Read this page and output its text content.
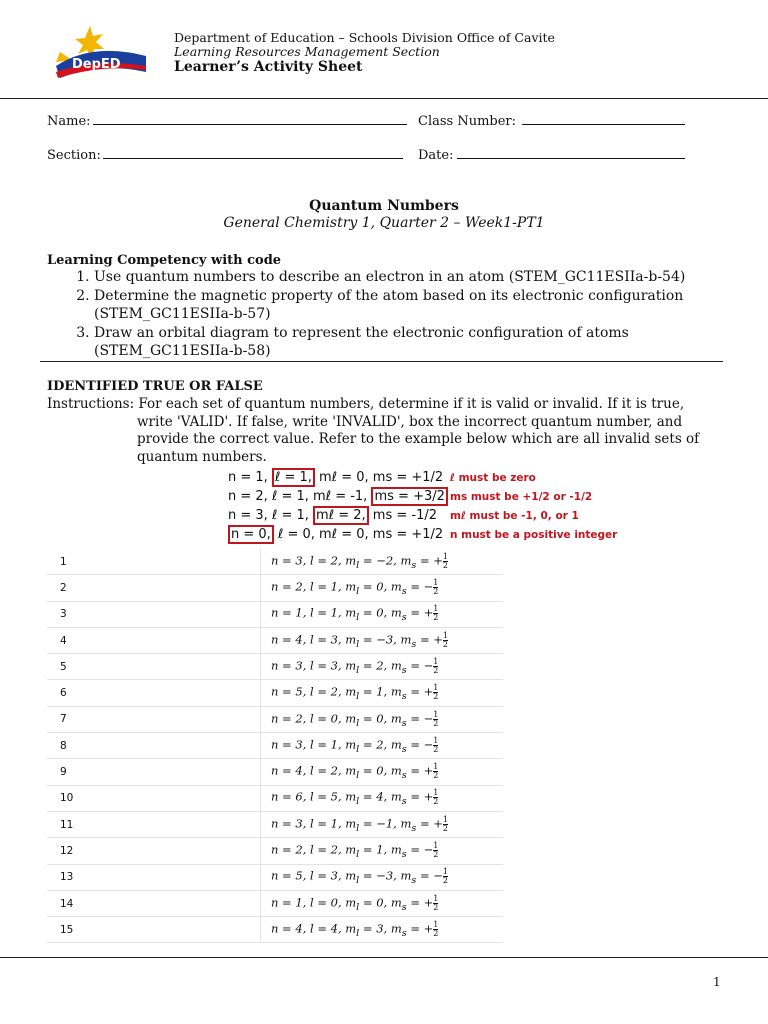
DepED
CAVITE
Department of Education – Schools Division Office of Cavite
Learning Resources Management Section
Learner’s Activity Sheet
Name:	Class Number:
Section:	Date:
Quantum Numbers
General Chemistry 1, Quarter 2 – Week1-PT1
Learning Competency with code
1. Use quantum numbers to describe an electron in an atom (STEM_GC11ESIIa-b-54)
2. Determine the magnetic property of the atom based on its electronic configuration (STEM_GC11ESIIa-b-57)
3. Draw an orbital diagram to represent the electronic configuration of atoms (STEM_GC11ESIIa-b-58)
IDENTIFIED TRUE OR FALSE
Instructions: For each set of quantum numbers, determine if it is valid or invalid. If it is true,
write 'VALID'. If false, write 'INVALID', box the incorrect quantum number, and provide the correct value. Refer to the example below which are all invalid sets of quantum numbers.
n = 1, ℓ = 1, mℓ = 0, ms = +1/2 ℓ must be zero
n = 2, ℓ = 1, mℓ = -1, ms = +3/2 ms must be +1/2 or -1/2
n = 3, ℓ = 1, mℓ = 2, ms = -1/2 mℓ must be -1, 0, or 1
n = 0, ℓ = 0, mℓ = 0, ms = +1/2 n must be a positive integer
1	n = 3, l = 2, $m_l = -2$, $m_s$ = + $\frac{1}{2}$

2	n = 2, l = 1, $m_l = 0$, $m_s$ = − $\frac{1}{2}$

3	n = 1, l = 1, $m_l = 0$, $m_s$ = + $\frac{1}{2}$

4	n = 4, l = 3, $m_l = -3$, $m_s$ = + $\frac{1}{2}$

5	n = 3, l = 3, $m_l = 2$, $m_s$ = − $\frac{1}{2}$

6	n = 5, l = 2, $m_l = 1$, $m_s$ = + $\frac{1}{2}$

7	n = 2, l = 0, $m_l = 0$, $m_s$ = − $\frac{1}{2}$

8	n = 3, l = 1, $m_l = 2$, $m_s$ = − $\frac{1}{2}$

9	n = 4, l = 2, $m_l = 0$, $m_s$ = + $\frac{1}{2}$

10	n = 6, l = 5, $m_l = 4$, $m_s$ = + $\frac{1}{2}$

11	n = 3, l = 1, $m_l = -1$, $m_s$ = + $\frac{1}{2}$

12	n = 2, l = 2, $m_l = 1$, $m_s$ = − $\frac{1}{2}$

13	n = 5, l = 3, $m_l = -3$, $m_s$ = − $\frac{1}{2}$

14	n = 1, l = 0, $m_l = 0$, $m_s$ = + $\frac{1}{2}$

15	n = 4, l = 4, $m_l = 3$, $m_s$ = + $\frac{1}{2}$
1
